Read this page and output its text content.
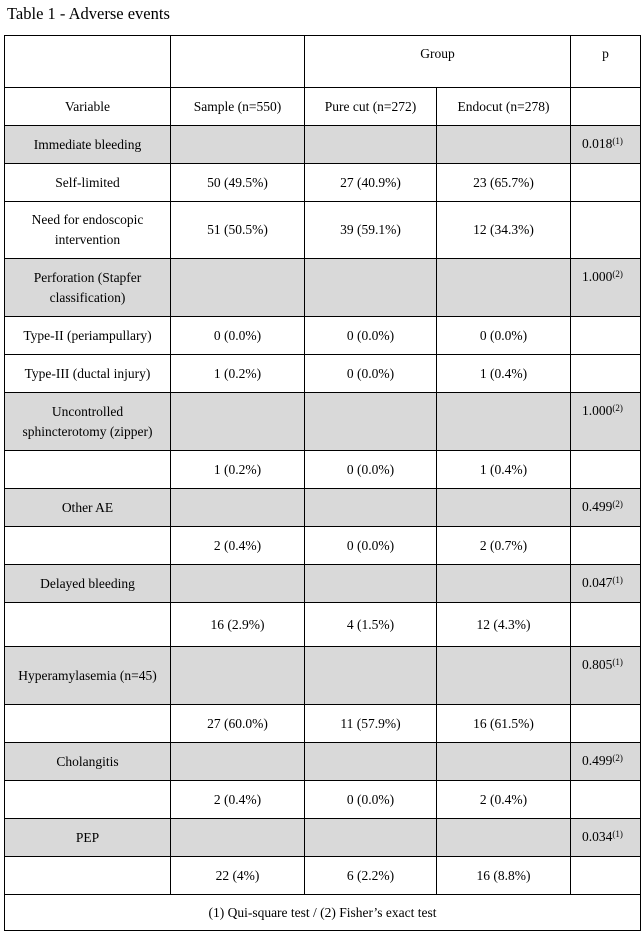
Table 1 - Adverse events
		Group		p
Variable	Sample (n=550)	Pure cut (n=272)	Endocut (n=278)	
Immediate bleeding				0.018$^{(1)}$
Self-limited	50 (49.5%)	27 (40.9%)	23 (65.7%)	
Need for endoscopic intervention	51 (50.5%)	39 (59.1%)	12 (34.3%)	
Perforation (Stapfer classification)				1.000$^{(2)}$
Type-II (periampullary)	0 (0.0%)	0 (0.0%)	0 (0.0%)	
Type-III (ductal injury)	1 (0.2%)	0 (0.0%)	1 (0.4%)	
Uncontrolled sphincterotomy (zipper)				1.000$^{(2)}$
	1 (0.2%)	0 (0.0%)	1 (0.4%)	
Other AE				0.499$^{(2)}$
	2 (0.4%)	0 (0.0%)	2 (0.7%)	
Delayed bleeding				0.047$^{(1)}$
	16 (2.9%)	4 (1.5%)	12 (4.3%)	
Hyperamylasemia (n=45)				0.805$^{(1)}$
	27 (60.0%)	11 (57.9%)	16 (61.5%)	
Cholangitis				0.499$^{(2)}$
	2 (0.4%)	0 (0.0%)	2 (0.4%)	
PEP				0.034$^{(1)}$
	22 (4%)	6 (2.2%)	16 (8.8%)	
(1) Qui-square test / (2) Fisher’s exact test				
